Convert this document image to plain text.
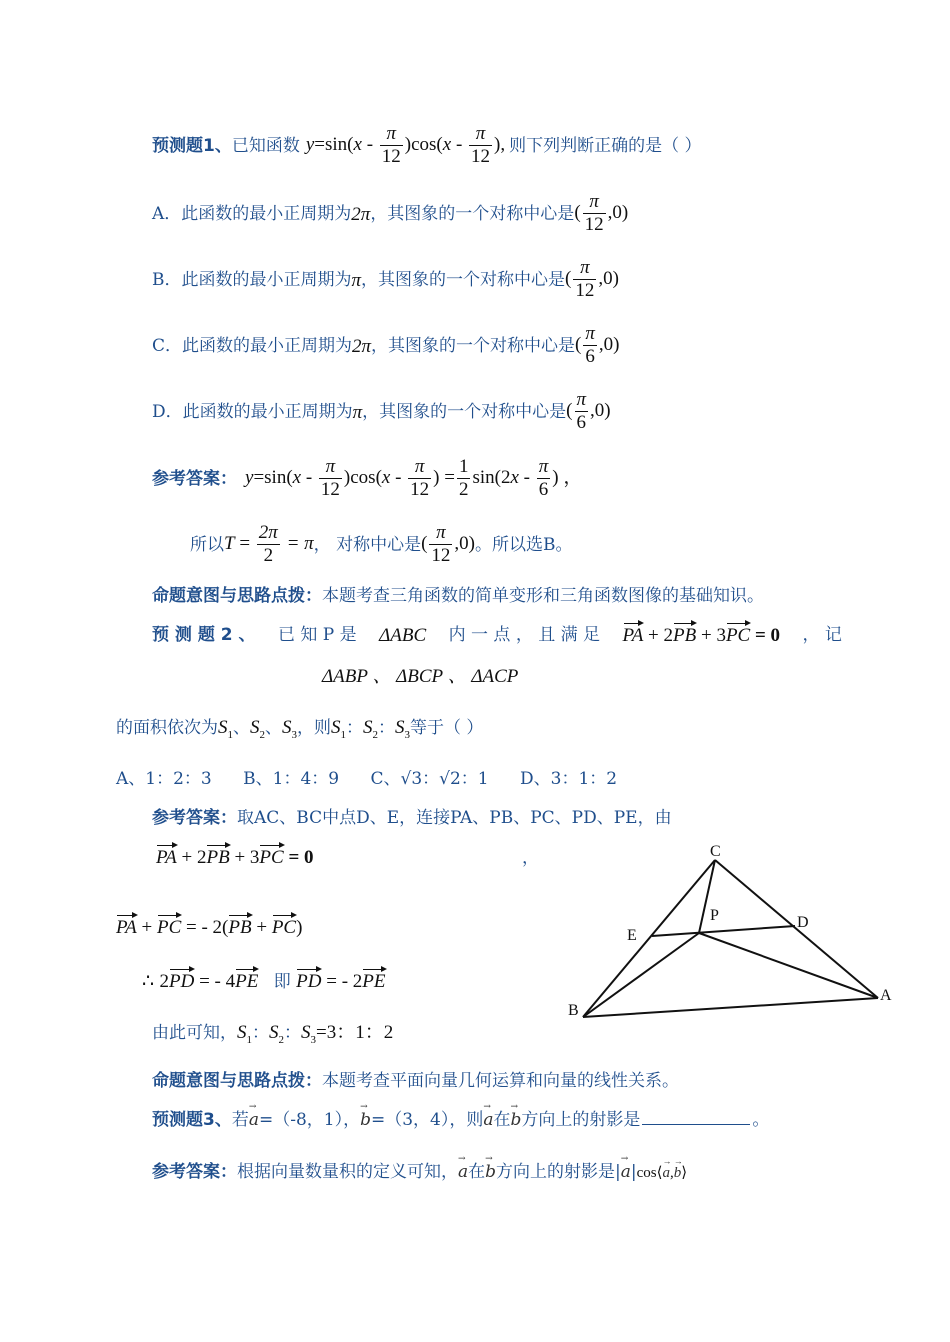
预测题1、 已知函数 $y=\sin(x - \frac{\pi}{12} )\cos(x - \frac{\pi}{12}$ ), 则下列判断正确的是（ ）
A．此函数的最小正周期为 2π ，其图象的一个对称中心是 ( $\frac{\pi}{12} ,0$)
B．此函数的最小正周期为 π ，其图象的一个对称中心是 ( $\frac{\pi}{12} ,0$)
C．此函数的最小正周期为 2π ，其图象的一个对称中心是 ( $\frac{\pi}{6} ,0$)
D．此函数的最小正周期为 π ，其图象的一个对称中心是 ( $\frac{\pi}{6} ,0$)
参考答案： $y=\sin(x - \frac{\pi}{12} )\cos(x - \frac{\pi}{12}$ ) = $\frac{1}{2} \sin(2x - \frac{\pi}{6}$ ) ，
所以 $T = \frac{2\pi}{2} = \pi$ ， 对称中心是 ( $\frac{\pi}{12} ,0$) 。所以选B。
命题意图与思路点拨：本题考查三角函数的简单变形和三角函数图像的基础知识。
预 测 题 2 、 已 知 P 是 ΔABC 内 一 点 ， 且 满 足 PA + 2PB + 3PC = 0 ， 记
ΔABP 、 ΔBCP 、 ΔACP
的面积依次为$S_1$、$S_2$、$S_3$，则$S_1$：$S_2$：$S_3$等于（ ）
A、1：2：3 B、1：4：9 C、√3：√2：1 D、3：1：2
参考答案：取AC、BC中点D、E，连接PA、PB、PC、PD、PE，由
PA + 2PB + 3PC = 0	，
PA + PC = - 2(PB + PC)
∴ 2PD = - 4PE 即 PD = - 2PE
由此可知，$S_1$：$S_2$：$S_3=3$：1：2
C
P	D
E
B
A
命题意图与思路点拨：本题考查平面向量几何运算和向量的线性关系。
预测题3、若→ a=（-8，1），→ b=（3，4），则→ a在→ b方向上的射影是	。
参考答案：根据向量数量积的定义可知，→ a在→ b方向上的射影是|→ a|cos⟨→ a,→ b⟩
